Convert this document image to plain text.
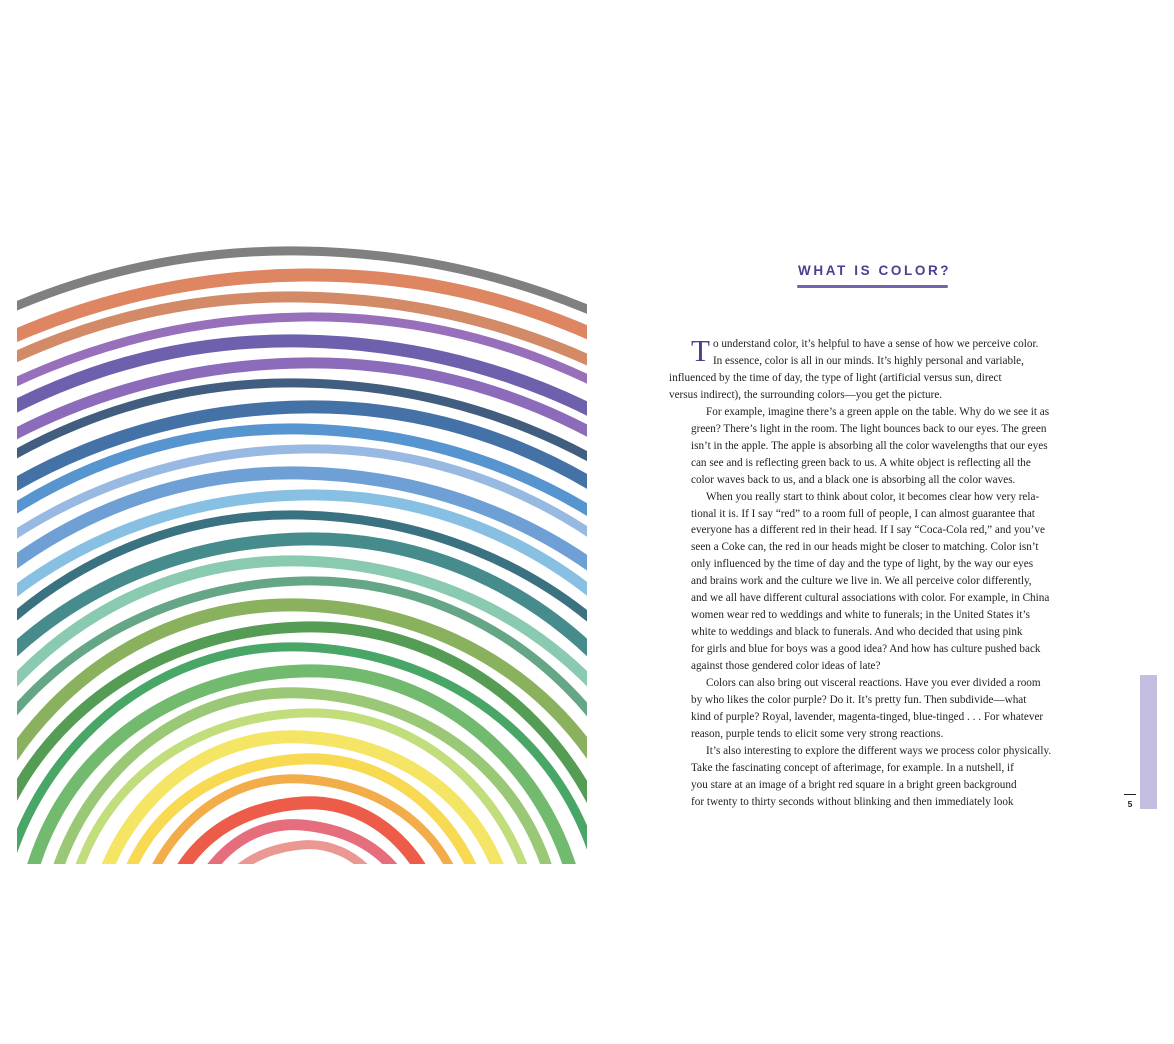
WHAT IS COLOR?

T o understand color, it’s helpful to have a sense of how we perceive color.
In essence, color is all in our minds. It’s highly personal and variable,
influenced by the time of day, the type of light (artificial versus sun, direct
versus indirect), the surrounding colors—you get the picture.

For example, imagine there’s a green apple on the table. Why do we see it as
green? There’s light in the room. The light bounces back to our eyes. The green
isn’t in the apple. The apple is absorbing all the color wavelengths that our eyes
can see and is reflecting green back to us. A white object is reflecting all the
color waves back to us, and a black one is absorbing all the color waves.

When you really start to think about color, it becomes clear how very rela-
tional it is. If I say “red” to a room full of people, I can almost guarantee that
everyone has a different red in their head. If I say “Coca-Cola red,” and you’ve
seen a Coke can, the red in our heads might be closer to matching. Color isn’t
only influenced by the time of day and the type of light, by the way our eyes
and brains work and the culture we live in. We all perceive color differently,
and we all have different cultural associations with color. For example, in China
women wear red to weddings and white to funerals; in the United States it’s
white to weddings and black to funerals. And who decided that using pink
for girls and blue for boys was a good idea? And how has culture pushed back
against those gendered color ideas of late?

Colors can also bring out visceral reactions. Have you ever divided a room
by who likes the color purple? Do it. It’s pretty fun. Then subdivide—what
kind of purple? Royal, lavender, magenta-tinged, blue-tinged . . . For whatever
reason, purple tends to elicit some very strong reactions.

It’s also interesting to explore the different ways we process color physically.
Take the fascinating concept of afterimage, for example. In a nutshell, if
you stare at an image of a bright red square in a bright green background
for twenty to thirty seconds without blinking and then immediately look	5
